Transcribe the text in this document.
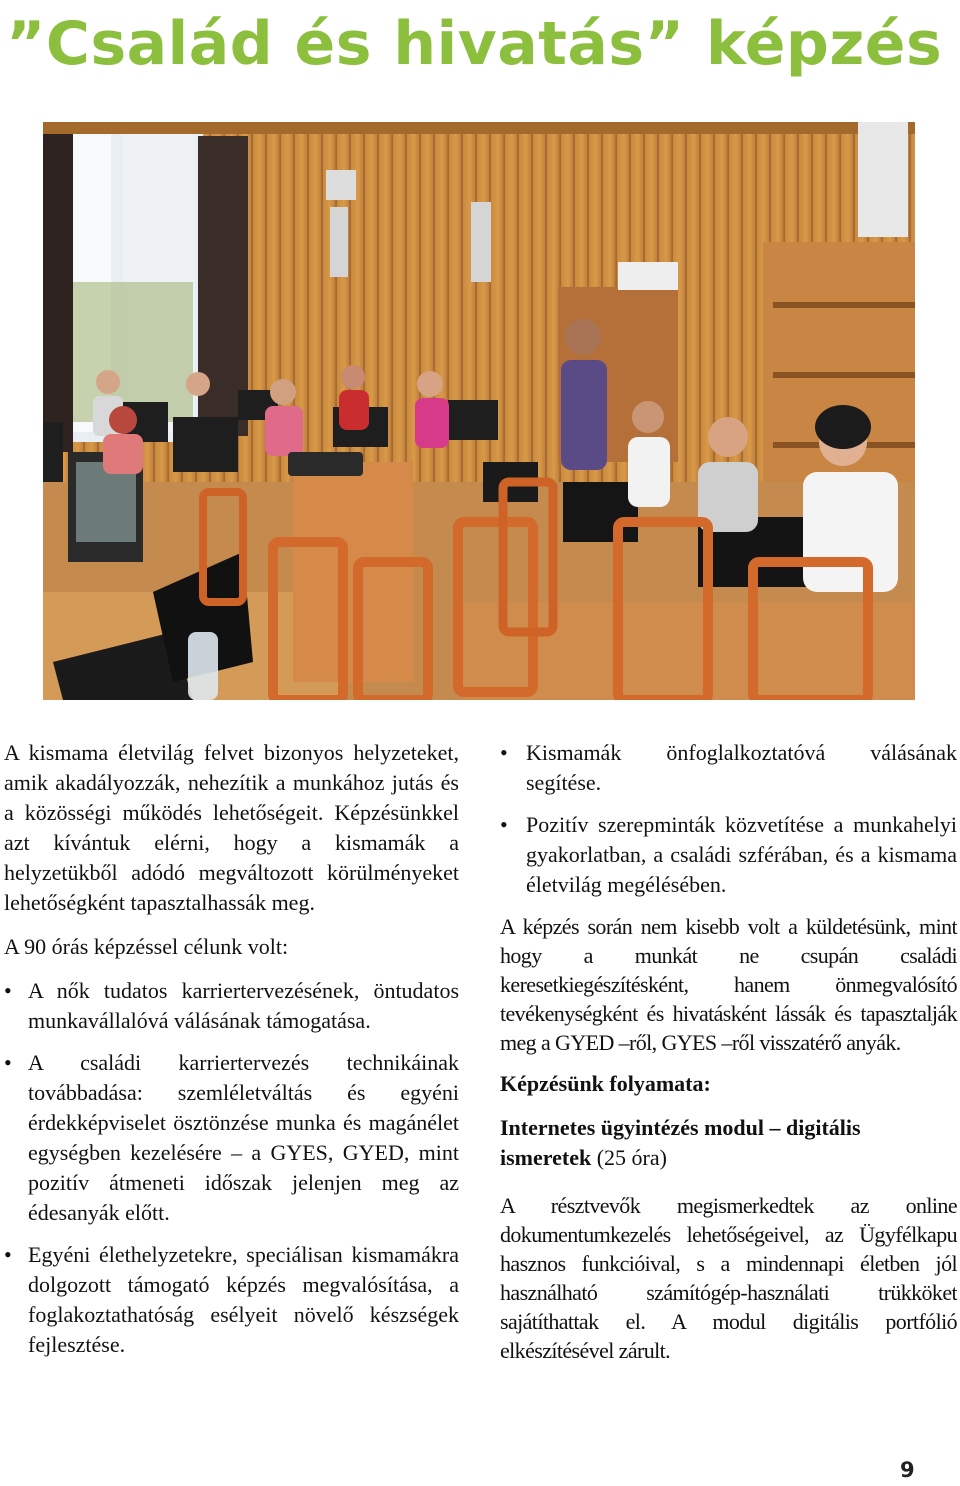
”Család és hivatás” képzés

A kismama életvilág felvet bizonyos helyzeteket, amik akadályozzák, nehezítik a munkához jutás és a közösségi működés lehetőségeit. Képzésünkkel azt kívántuk elérni, hogy a kismamák a helyzetükből adódó megváltozott körülményeket lehetőségként tapasztalhassák meg.

A 90 órás képzéssel célunk volt:

• A nők tudatos karriertervezésének, öntudatos munkavállalóvá válásának támogatása.
• A családi karriertervezés technikáinak továbbadása: szemléletváltás és egyéni érdekképviselet ösztönzése munka és magánélet egységben kezelésére – a GYES, GYED, mint pozitív átmeneti időszak jelenjen meg az édesanyák előtt.
• Egyéni élethelyzetekre, speciálisan kismamákra dolgozott támogató képzés megvalósítása, a foglakoztathatóság esélyeit növelő készségek fejlesztése.
• Kismamák önfoglalkoztatóvá válásának segítése.
• Pozitív szerepminták közvetítése a munkahelyi gyakorlatban, a családi szférában, és a kismama életvilág megélésében.

A képzés során nem kisebb volt a küldetésünk, mint hogy a munkát ne csupán családi keresetkiegészítésként, hanem önmegvalósító tevékenységként és hivatásként lássák és tapasztalják meg a GYED –ről, GYES –ről visszatérő anyák.

Képzésünk folyamata:

Internetes ügyintézés modul – digitális ismeretek (25 óra)

A résztvevők megismerkedtek az online dokumentumkezelés lehetőségeivel, az Ügyfélkapu hasznos funkcióival, s a mindennapi életben jól használható számítógép-használati trükköket sajátíthattak el. A modul digitális portfólió elkészítésével zárult.

9
